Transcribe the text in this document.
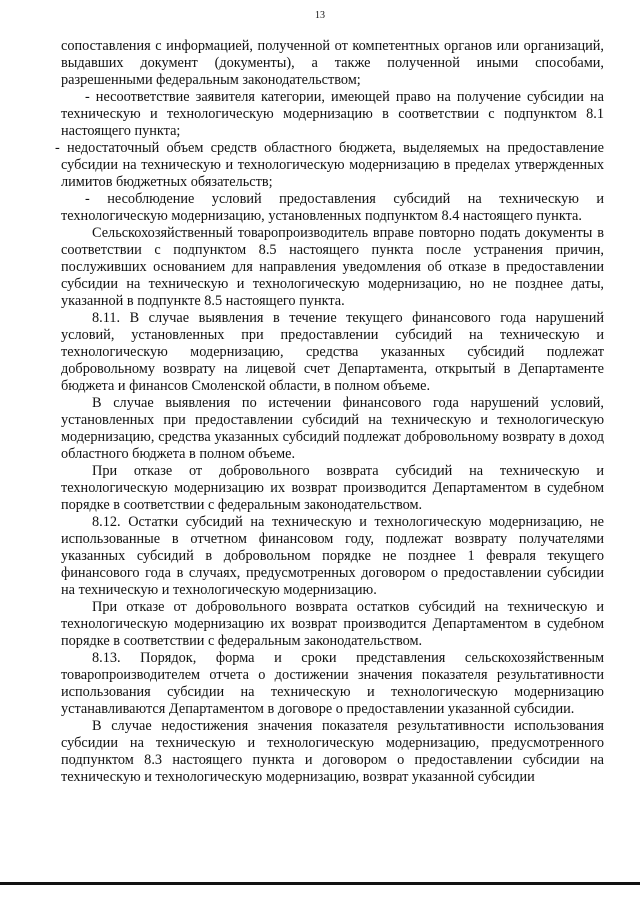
13

сопоставления с информацией, полученной от компетентных органов или организаций, выдавших документ (документы), а также полученной иными способами, разрешенными федеральным законодательством;

- несоответствие заявителя категории, имеющей право на получение субсидии на техническую и технологическую модернизацию в соответствии с подпунктом 8.1 настоящего пункта;

- недостаточный объем средств областного бюджета, выделяемых на предоставление субсидии на техническую и технологическую модернизацию в пределах утвержденных лимитов бюджетных обязательств;

- несоблюдение условий предоставления субсидий на техническую и технологическую модернизацию, установленных подпунктом 8.4 настоящего пункта.

Сельскохозяйственный товаропроизводитель вправе повторно подать документы в соответствии с подпунктом 8.5 настоящего пункта после устранения причин, послуживших основанием для направления уведомления об отказе в предоставлении субсидии на техническую и технологическую модернизацию, но не позднее даты, указанной в подпункте 8.5 настоящего пункта.

8.11. В случае выявления в течение текущего финансового года нарушений условий, установленных при предоставлении субсидий на техническую и технологическую модернизацию, средства указанных субсидий подлежат добровольному возврату на лицевой счет Департамента, открытый в Департаменте бюджета и финансов Смоленской области, в полном объеме.

В случае выявления по истечении финансового года нарушений условий, установленных при предоставлении субсидий на техническую и технологическую модернизацию, средства указанных субсидий подлежат добровольному возврату в доход областного бюджета в полном объеме.

При отказе от добровольного возврата субсидий на техническую и технологическую модернизацию их возврат производится Департаментом в судебном порядке в соответствии с федеральным законодательством.

8.12. Остатки субсидий на техническую и технологическую модернизацию, не использованные в отчетном финансовом году, подлежат возврату получателями указанных субсидий в добровольном порядке не позднее 1 февраля текущего финансового года в случаях, предусмотренных договором о предоставлении субсидии на техническую и технологическую модернизацию.

При отказе от добровольного возврата остатков субсидий на техническую и технологическую модернизацию их возврат производится Департаментом в судебном порядке в соответствии с федеральным законодательством.

8.13. Порядок, форма и сроки представления сельскохозяйственным товаропроизводителем отчета о достижении значения показателя результативности использования субсидии на техническую и технологическую модернизацию устанавливаются Департаментом в договоре о предоставлении указанной субсидии.

В случае недостижения значения показателя результативности использования субсидии на техническую и технологическую модернизацию, предусмотренного подпунктом 8.3 настоящего пункта и договором о предоставлении субсидии на техническую и технологическую модернизацию, возврат указанной субсидии
